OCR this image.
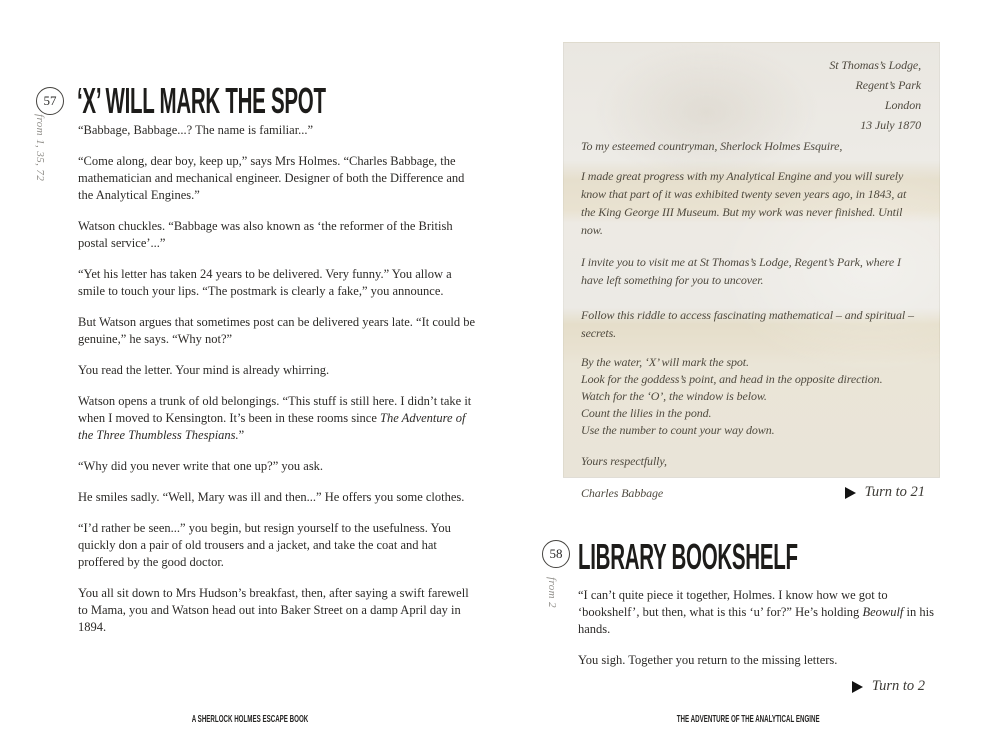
57 ‘X’ WILL MARK THE SPOT
from 1, 35, 72	“Babbage, Babbage...? The name is familiar...”

“Come along, dear boy, keep up,” says Mrs Holmes. “Charles Babbage, the mathematician and mechanical engineer. Designer of both the Difference and the Analytical Engines.”

Watson chuckles. “Babbage was also known as ‘the reformer of the British postal service’...”

“Yet his letter has taken 24 years to be delivered. Very funny.” You allow a smile to touch your lips. “The postmark is clearly a fake,” you announce.

But Watson argues that sometimes post can be delivered years late. “It could be genuine,” he says. “Why not?”

You read the letter. Your mind is already whirring.

Watson opens a trunk of old belongings. “This stuff is still here. I didn’t take it when I moved to Kensington. It’s been in these rooms since The Adventure of the Three Thumbless Thespians.”

“Why did you never write that one up?” you ask.

He smiles sadly. “Well, Mary was ill and then...” He offers you some clothes.

“I’d rather be seen...” you begin, but resign yourself to the usefulness. You quickly don a pair of old trousers and a jacket, and take the coat and hat proffered by the good doctor.

You all sit down to Mrs Hudson’s breakfast, then, after saying a swift farewell to Mama, you and Watson head out into Baker Street on a damp April day in 1894.

A SHERLOCK HOLMES ESCAPE BOOK
St Thomas’s Lodge,
Regent’s Park
London
13 July 1870
To my esteemed countryman, Sherlock Holmes Esquire,

I made great progress with my Analytical Engine and you will surely know that part of it was exhibited twenty seven years ago, in 1843, at the King George III Museum. But my work was never finished. Until now.

I invite you to visit me at St Thomas’s Lodge, Regent’s Park, where I have left something for you to uncover.

Follow this riddle to access fascinating mathematical – and spiritual – secrets.

By the water, ‘X’ will mark the spot.
Look for the goddess’s point, and head in the opposite direction.
Watch for the ‘O’, the window is below.
Count the lilies in the pond.
Use the number to count your way down.
Yours respectfully,
Charles Babbage	Turn to 21
58 LIBRARY BOOKSHELF
from 2 “I can’t quite piece it together, Holmes. I know how we got to ‘bookshelf’, but then, what is this ‘u’ for?” He’s holding Beowulf in his hands.

You sigh. Together you return to the missing letters.

Turn to 2
THE ADVENTURE OF THE ANALYTICAL ENGINE
